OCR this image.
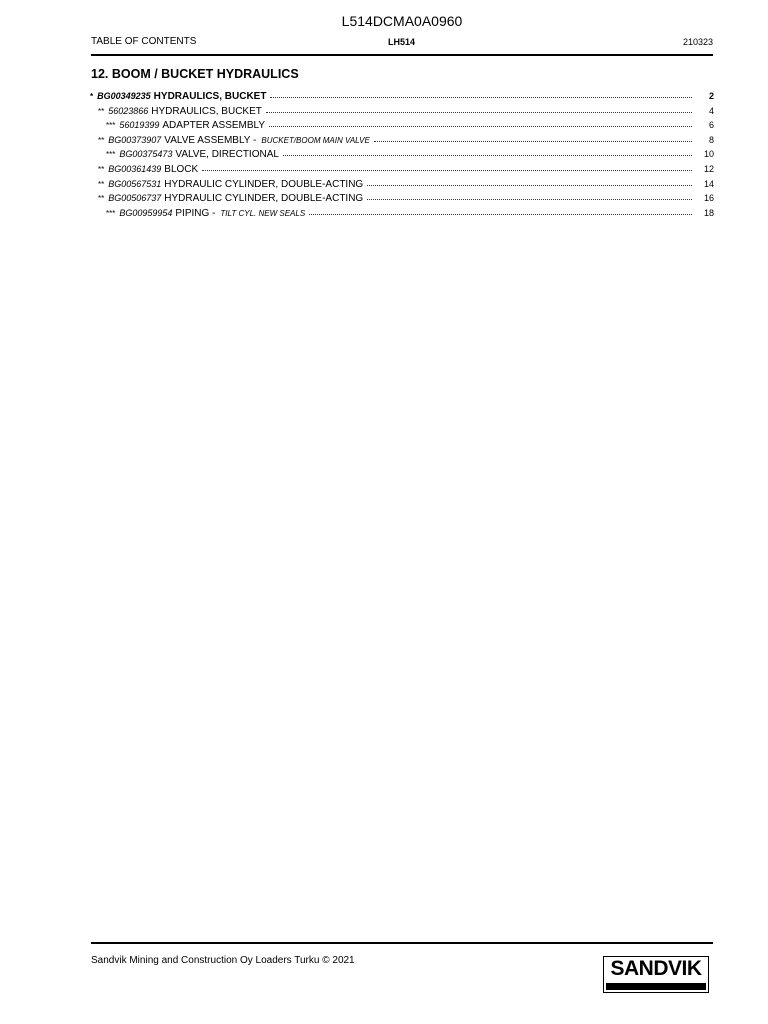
L514DCMA0A0960
TABLE OF CONTENTS	LH514	210323
12. BOOM / BUCKET HYDRAULICS
* BG00349235 HYDRAULICS, BUCKET	2
** 56023866 HYDRAULICS, BUCKET	4
*** 56019399 ADAPTER ASSEMBLY	6
** BG00373907 VALVE ASSEMBLY - BUCKET/BOOM MAIN VALVE	8
*** BG00375473 VALVE, DIRECTIONAL	10
** BG00361439 BLOCK	12
** BG00567531 HYDRAULIC CYLINDER, DOUBLE-ACTING	14
** BG00506737 HYDRAULIC CYLINDER, DOUBLE-ACTING	16
*** BG00959954 PIPING - TILT CYL. NEW SEALS	18
Sandvik Mining and Construction Oy Loaders Turku © 2021	SANDVIK
